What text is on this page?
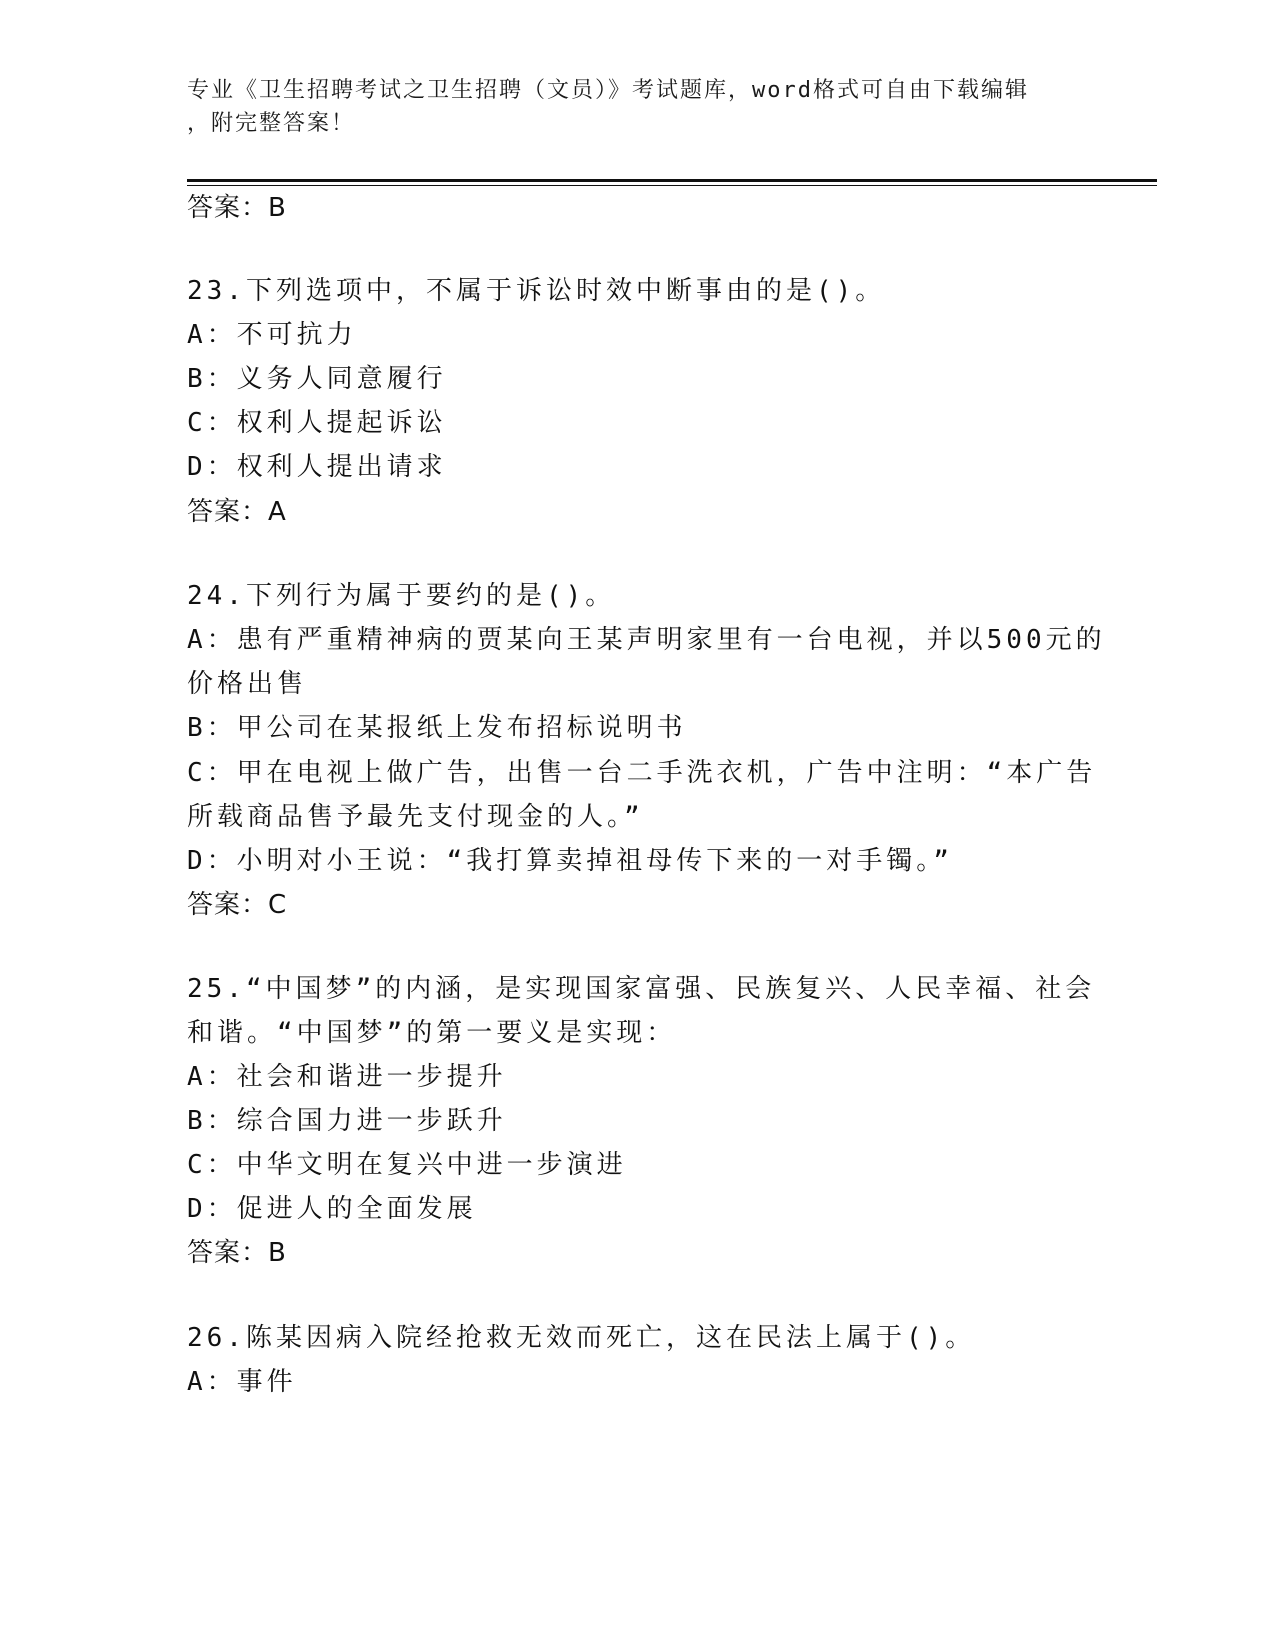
专业《卫生招聘考试之卫生招聘（文员）》考试题库，word格式可自由下载编辑
，附完整答案！
答案：B
23.下列选项中，不属于诉讼时效中断事由的是()。
A：不可抗力
B：义务人同意履行
C：权利人提起诉讼
D：权利人提出请求
答案：A
24.下列行为属于要约的是()。
A：患有严重精神病的贾某向王某声明家里有一台电视，并以500元的
价格出售
B：甲公司在某报纸上发布招标说明书
C：甲在电视上做广告，出售一台二手洗衣机，广告中注明：“本广告
所载商品售予最先支付现金的人。”
D：小明对小王说：“我打算卖掉祖母传下来的一对手镯。”
答案：C
25.“中国梦”的内涵，是实现国家富强、民族复兴、人民幸福、社会
和谐。“中国梦”的第一要义是实现：
A：社会和谐进一步提升
B：综合国力进一步跃升
C：中华文明在复兴中进一步演进
D：促进人的全面发展
答案：B
26.陈某因病入院经抢救无效而死亡，这在民法上属于()。
A：事件
